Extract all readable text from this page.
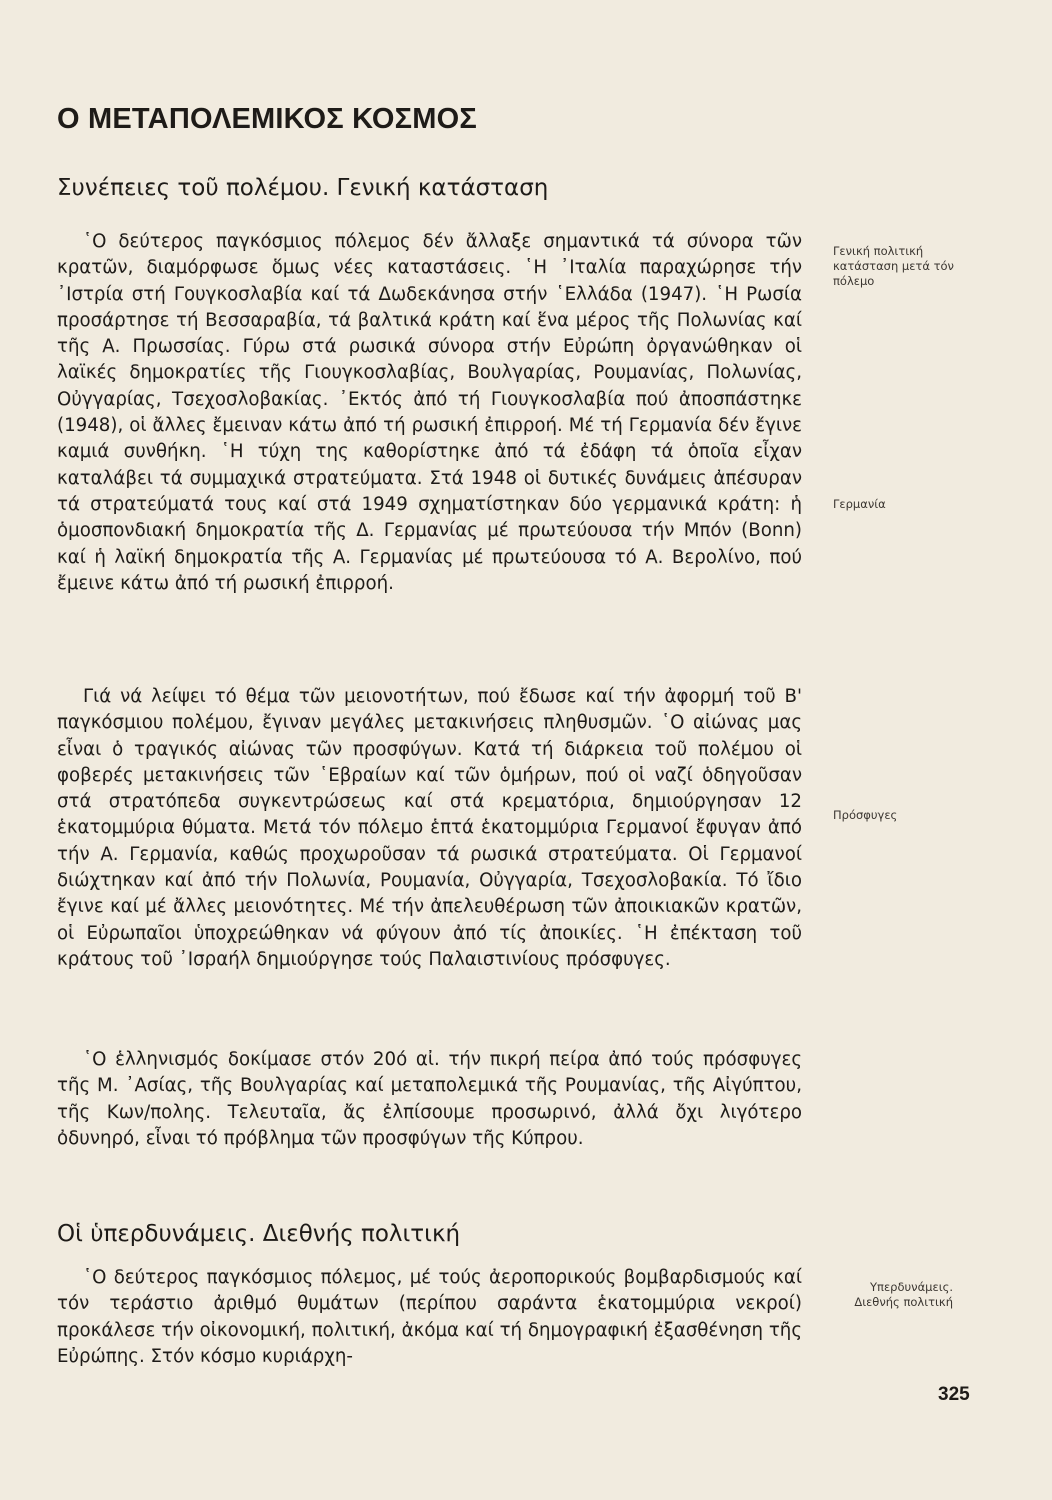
Ο ΜΕΤΑΠΟΛΕΜΙΚΟΣ ΚΟΣΜΟΣ
Συνέπειες τοῦ πολέμου. Γενική κατάσταση

῾Ο δεύτερος παγκόσμιος πόλεμος δέν ἄλλαξε σημαντικά τά σύνορα τῶν κρατῶν, διαμόρφωσε ὅμως νέες καταστάσεις. ῾Η ᾿Ιταλία παραχώρησε τήν ᾿Ιστρία στή Γουγκοσλαβία καί τά Δωδεκάνησα στήν ῾Ελλάδα (1947). ῾Η Ρωσία προσάρτησε τή Βεσσαραβία, τά βαλτικά κράτη καί ἕνα μέρος τῆς Πολωνίας καί τῆς Α. Πρωσσίας. Γύρω στά ρωσικά σύνορα στήν Εὐρώπη ὀργανώθηκαν οἱ λαϊκές δημοκρατίες τῆς Γιουγκοσλαβίας, Βουλγαρίας, Ρουμανίας, Πολωνίας, Οὐγγαρίας, Τσεχοσλοβακίας. ᾿Εκτός ἀπό τή Γιουγκοσλαβία πού ἀποσπάστηκε (1948), οἱ ἄλλες ἔμειναν κάτω ἀπό τή ρωσική ἐπιρροή. Μέ τή Γερμανία δέν ἔγινε καμιά συνθήκη. ῾Η τύχη της καθορίστηκε ἀπό τά ἐδάφη τά ὁποῖα εἶχαν καταλάβει τά συμμαχικά στρατεύματα. Στά 1948 οἱ δυτικές δυνάμεις ἀπέσυραν τά στρατεύματά τους καί στά 1949 σχηματίστηκαν δύο γερμανικά κράτη: ἡ ὁμοσπονδιακή δημοκρατία τῆς Δ. Γερμανίας μέ πρωτεύουσα τήν Μπόν (Bonn) καί ἡ λαϊκή δημοκρατία τῆς Α. Γερμανίας μέ πρωτεύουσα τό Α. Βερολίνο, πού ἔμεινε κάτω ἀπό τή ρωσική ἐπιρροή.

Γιά νά λείψει τό θέμα τῶν μειονοτήτων, πού ἔδωσε καί τήν ἀφορμή τοῦ Β' παγκόσμιου πολέμου, ἔγιναν μεγάλες μετακινήσεις πληθυσμῶν. ῾Ο αἰώνας μας εἶναι ὁ τραγικός αἰώνας τῶν προσφύγων. Κατά τή διάρκεια τοῦ πολέμου οἱ φοβερές μετακινήσεις τῶν ῾Εβραίων καί τῶν ὁμήρων, πού οἱ ναζί ὁδηγοῦσαν στά στρατόπεδα συγκεντρώσεως καί στά κρεματόρια, δημιούργησαν 12 ἑκατομμύρια θύματα. Μετά τόν πόλεμο ἑπτά ἑκατομμύρια Γερμανοί ἔφυγαν ἀπό τήν Α. Γερμανία, καθώς προχωροῦσαν τά ρωσικά στρατεύματα. Οἱ Γερμανοί διώχτηκαν καί ἀπό τήν Πολωνία, Ρουμανία, Οὐγγαρία, Τσεχοσλοβακία. Τό ἴδιο ἔγινε καί μέ ἄλλες μειονότητες. Μέ τήν ἀπελευθέρωση τῶν ἀποικιακῶν κρατῶν, οἱ Εὐρωπαῖοι ὑποχρεώθηκαν νά φύγουν ἀπό τίς ἀποικίες. ῾Η ἐπέκταση τοῦ κράτους τοῦ ᾿Ισραήλ δημιούργησε τούς Παλαιστινίους πρόσφυγες.

῾Ο ἑλληνισμός δοκίμασε στόν 20ό αἰ. τήν πικρή πείρα ἀπό τούς πρόσφυγες τῆς Μ. ᾿Ασίας, τῆς Βουλγαρίας καί μεταπολεμικά τῆς Ρουμανίας, τῆς Αἰγύπτου, τῆς Κων/πολης. Τελευταῖα, ἄς ἐλπίσουμε προσωρινό, ἀλλά ὄχι λιγότερο ὀδυνηρό, εἶναι τό πρόβλημα τῶν προσφύγων τῆς Κύπρου.

Οἱ ὑπερδυνάμεις. Διεθνής πολιτική

῾Ο δεύτερος παγκόσμιος πόλεμος, μέ τούς ἀεροπορικούς βομβαρδισμούς καί τόν τεράστιο ἀριθμό θυμάτων (περίπου σαράντα ἑκατομμύρια νεκροί) προκάλεσε τήν οἰκονομική, πολιτική, ἀκόμα καί τή δημογραφική ἐξασθένηση τῆς Εὐρώπης. Στόν κόσμο κυριάρχη-

Γενική πολιτική κατάσταση μετά τόν πόλεμο
Γερμανία
Πρόσφυγες
Υπερδυνάμεις. Διεθνής πολιτική
325
